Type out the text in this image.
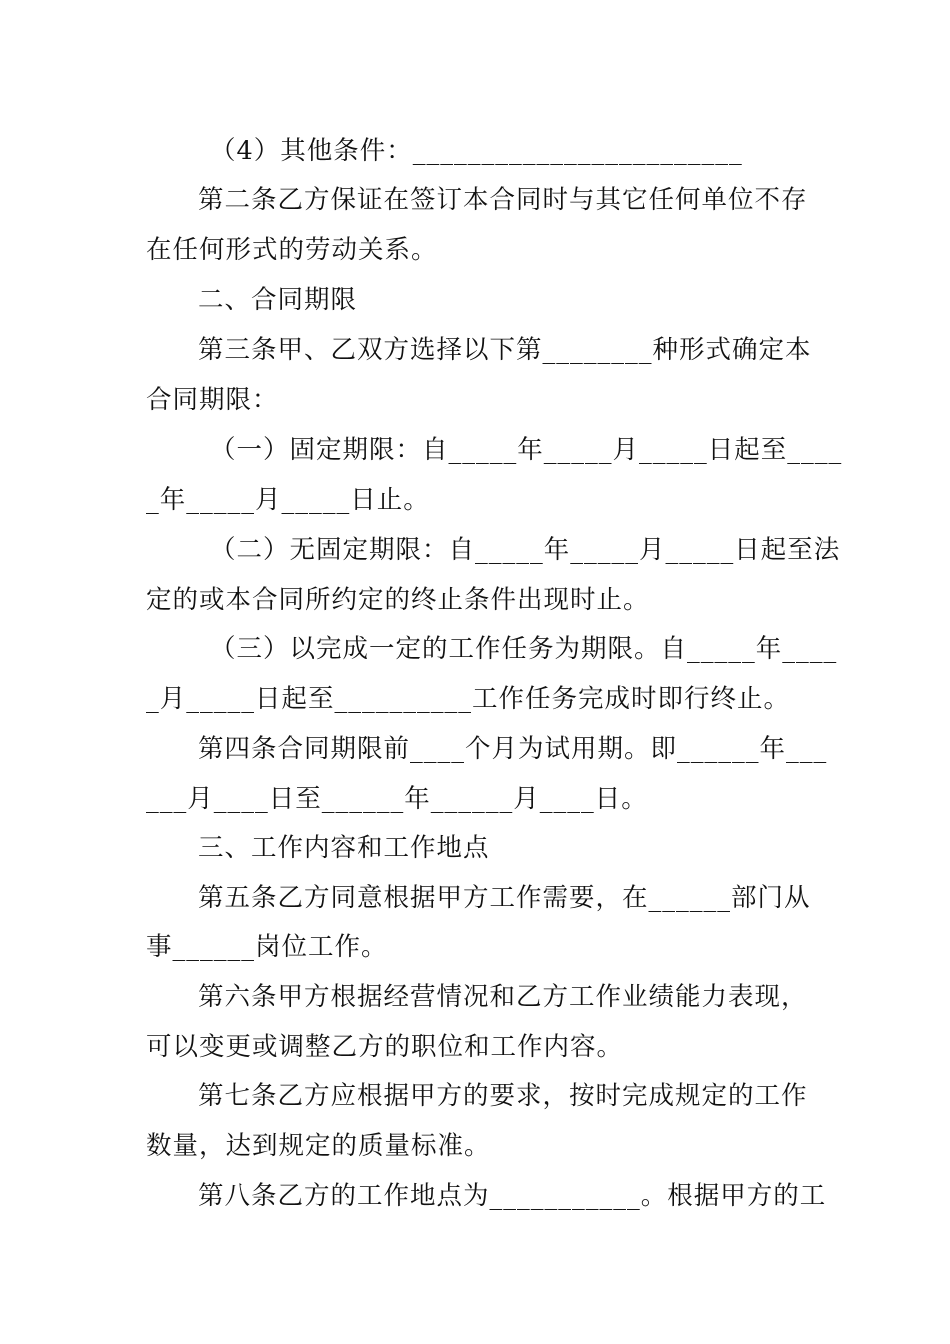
（4）其他条件：________________________
第二条乙方保证在签订本合同时与其它任何单位不存
在任何形式的劳动关系。
二、合同期限
第三条甲、乙双方选择以下第________种形式确定本
合同期限：
（一）固定期限：自_____年_____月_____日起至____
_年_____月_____日止。
（二）无固定期限：自_____年_____月_____日起至法
定的或本合同所约定的终止条件出现时止。
（三）以完成一定的工作任务为期限。自_____年____
_月_____日起至__________工作任务完成时即行终止。
第四条合同期限前____个月为试用期。即______年___
___月____日至______年______月____日。
三、工作内容和工作地点
第五条乙方同意根据甲方工作需要，在______部门从
事______岗位工作。
第六条甲方根据经营情况和乙方工作业绩能力表现，
可以变更或调整乙方的职位和工作内容。
第七条乙方应根据甲方的要求，按时完成规定的工作
数量，达到规定的质量标准。
第八条乙方的工作地点为___________。根据甲方的工
